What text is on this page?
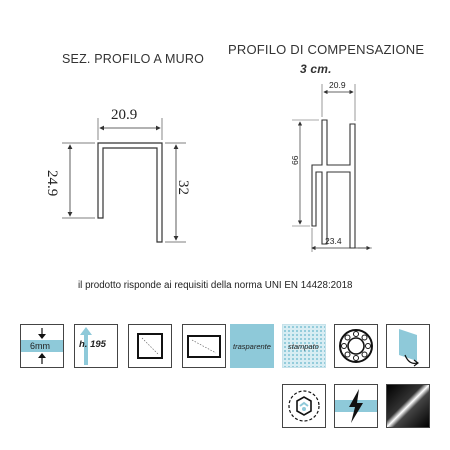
SEZ. PROFILO A MURO
PROFILO DI COMPENSAZIONE
3 cm.
20.9
24.9	32
20.9
66
23.4
il prodotto risponde ai requisiti della norma UNI EN 14428:2018
6mm	h. 195	trasparente stampato
